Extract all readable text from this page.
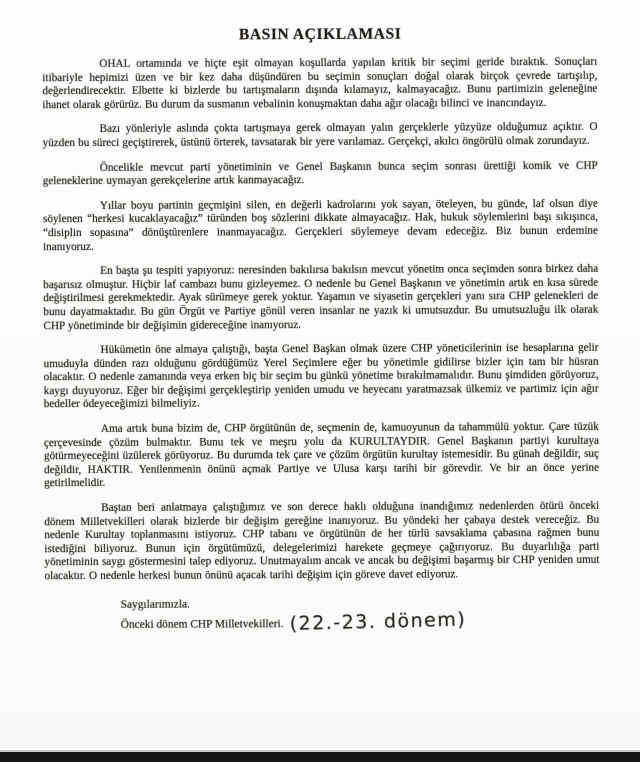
BASIN AÇIKLAMASI

OHAL ortamında ve hiçte eşit olmayan koşullarda yapılan kritik bir seçimi geride bıraktık. Sonuçları itibariyle hepimizi üzen ve bir kez daha düşündüren bu seçimin sonuçları doğal olarak birçok çevrede tartışılıp, değerlendirecektir. Elbette ki bizlerde bu tartışmaların dışında kılamayız, kalmayacağız. Bunu partimizin geleneğine ihanet olarak görürüz. Bu durum da susmanın vebalinin konuşmaktan daha ağır olacağı bilinci ve inancındayız.

Bazı yönleriyle aslında çokta tartışmaya gerek olmayan yalın gerçeklerle yüzyüze olduğumuz açıktır. O yüzden bu süreci geçiştirerek, üstünü örterek, tavsatarak bir yere varılamaz. Gerçekçi, akılcı öngörülü olmak zorundayız.

Öncelikle mevcut parti yönetiminin ve Genel Başkanın bunca seçim sonrası ürettiği komik ve CHP geleneklerine uymayan gerekçelerine artık kanmayacağız.

Yıllar boyu partinin geçmişini silen, en değerli kadrolarını yok sayan, öteleyen, bu günde, laf olsun diye söylenen “herkesi kucaklayacağız” türünden boş sözlerini dikkate almayacağız. Hak, hukuk söylemlerini başı sıkışınca, “disiplin sopasına” dönüştürenlere inanmayacağız. Gerçekleri söylemeye devam edeceğiz. Biz bunun erdemine inanıyoruz.

En başta şu tespiti yapıyoruz: neresinden bakılırsa bakılsın mevcut yönetim onca seçimden sonra birkez daha başarısız olmuştur. Hiçbir laf cambazı bunu gizleyemez. O nedenle bu Genel Başkanın ve yönetimin artık en kısa sürede değiştirilmesi gerekmektedir. Ayak sürümeye gerek yoktur. Yaşamın ve siyasetin gerçekleri yanı sıra CHP gelenekleri de bunu dayatmaktadır. Bu gün Örgüt ve Partiye gönül veren insanlar ne yazık ki umutsuzdur. Bu umutsuzluğu ilk olarak CHP yönetiminde bir değişimin gidereceğine inanıyoruz.

Hükümetin öne almaya çalıştığı, başta Genel Başkan olmak üzere CHP yöneticilerinin ise hesaplarına gelir umuduyla dünden razı olduğunu gördüğümüz Yerel Seçimlere eğer bu yönetimle gidilirse bizler için tam bir hüsran olacaktır. O nedenle zamanında veya erken biç bir seçim bu günkü yönetime bırakılmamalıdır. Bunu şimdiden görüyoruz, kaygı duyuyoruz. Eğer bir değişimi gerçekleştirip yeniden umudu ve heyecanı yaratmazsak ülkemiz ve partimiz için ağır bedeller ödeyeceğimizi bilmeliyiz.

Ama artık buna bizim de, CHP örgütünün de, seçmenin de, kamuoyunun da tahammülü yoktur. Çare tüzük çerçevesinde çözüm bulmaktır. Bunu tek ve meşru yolu da KURULTAYDIR. Genel Başkanın partiyi kurultaya götürmeyeceğini üzülerek görüyoruz. Bu durumda tek çare ve çözüm örgütün kurultay istemesidir. Bu günah değildir, suç değildir, HAKTIR. Yenilenmenin önünü açmak Partiye ve Ulusa karşı tarihi bir görevdir. Ve bir an önce yerine getirilmelidir.

Baştan beri anlatmaya çalıştığımız ve son derece haklı olduğuna inandığımız nedenlerden ötürü önceki dönem Milletvekilleri olarak bizlerde bir değişim gereğine inanıyoruz. Bu yöndeki her çabaya destek vereceğiz. Bu nedenle Kurultay toplanmasını istiyoruz. CHP tabanı ve örgütünün de her türlü savsaklama çabasına rağmen bunu istediğini biliyoruz. Bunun için örgütümüzü, delegelerimizi harekete geçmeye çağırıyoruz. Bu duyarlılığa parti yönetiminin saygı göstermesini talep ediyoruz. Unutmayalım ancak ve ancak bu değişimi başarmış bir CHP yeniden umut olacaktır. O nedenle herkesi bunun önünü açacak tarihi değişim için göreve davet ediyoruz.

Saygılarımızla.
Önceki dönem CHP Milletvekilleri. (22.-23. dönem)
